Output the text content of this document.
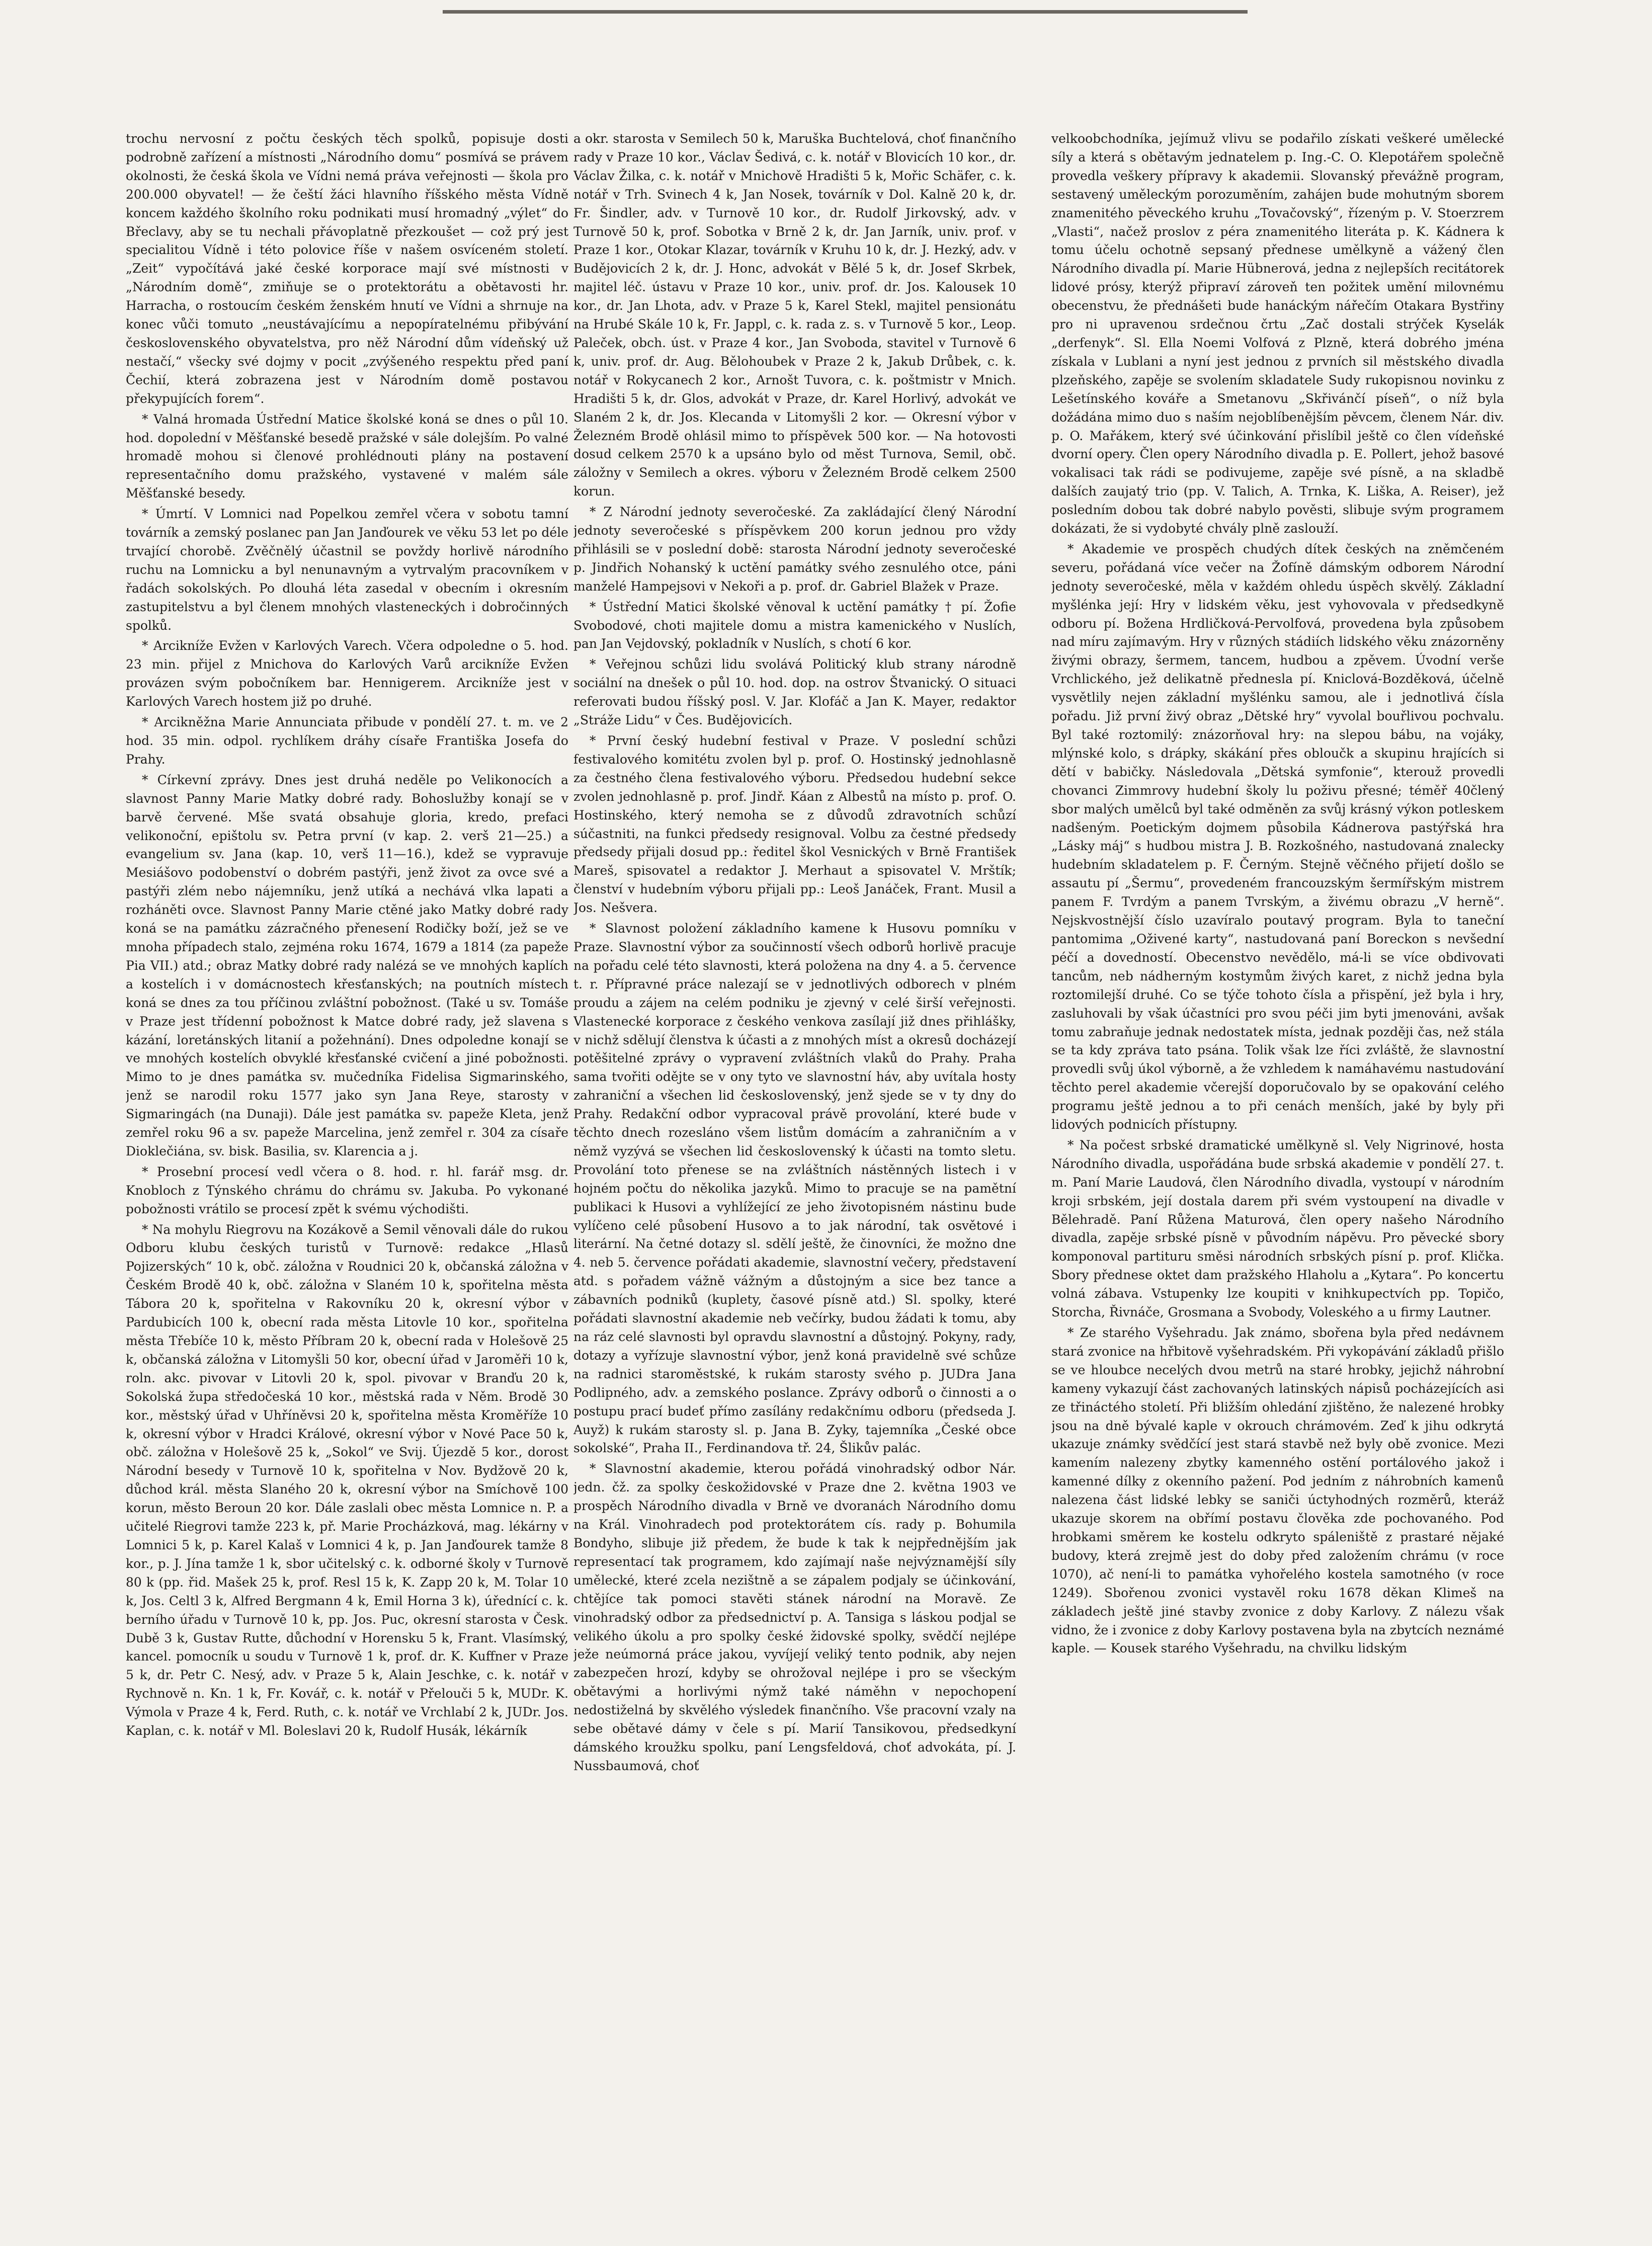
trochu nervosní z počtu českých těch spolků, popisuje dosti podrobně zařízení a místnosti „Národního domu“ posmívá se právem okolnosti, že česká škola ve Vídni nemá práva veřejnosti — škola pro 200.000 obyvatel! — že čeští žáci hlavního říšského města Vídně koncem každého školního roku podnikati musí hromadný „výlet“ do Břeclavy, aby se tu nechali přávoplatně přezkoušet — což prý jest specialitou Vídně i této polovice říše v našem osvíceném století. „Zeit“ vypočítává jaké české korporace mají své místnosti v „Národním domě“, zmiňuje se o protektorátu a obětavosti hr. Harracha, o rostoucím českém ženském hnutí ve Vídni a shrnuje na konec vůči tomuto „neustávajícímu a nepopíratelnému přibývání československého obyvatelstva, pro něž Národní dům vídeňský už nestačí,“ všecky své dojmy v pocit „zvýšeného respektu před paní Čechií, která zobrazena jest v Národním domě postavou překypujících forem“.

* Valná hromada Ústřední Matice školské koná se dnes o půl 10. hod. dopolední v Měšťanské besedě pražské v sále dolejším. Po valné hromadě mohou si členové prohlédnouti plány na postavení representačního domu pražského, vystavené v malém sále Měšťanské besedy.

* Úmrtí. V Lomnici nad Popelkou zemřel včera v sobotu tamní továrník a zemský poslanec pan Jan Janďourek ve věku 53 let po déle trvající chorobě. Zvěčnělý účastnil se povždy horlivě národního ruchu na Lomnicku a byl nenunavným a vytrvalým pracovníkem v řadách sokolských. Po dlouhá léta zasedal v obecním i okresním zastupitelstvu a byl členem mnohých vlasteneckých i dobročinných spolků.

* Arcikníže Evžen v Karlových Varech. Včera odpoledne o 5. hod. 23 min. přijel z Mnichova do Karlových Varů arcikníže Evžen provázen svým pobočníkem bar. Hennigerem. Arcikníže jest v Karlových Varech hostem již po druhé.

* Arcikněžna Marie Annunciata přibude v pondělí 27. t. m. ve 2 hod. 35 min. odpol. rychlíkem dráhy císaře Františka Josefa do Prahy.

* Církevní zprávy. Dnes jest druhá neděle po Velikonocích a slavnost Panny Marie Matky dobré rady. Bohoslužby konají se v barvě červené. Mše svatá obsahuje gloria, kredo, prefaci velikonoční, epištolu sv. Petra první (v kap. 2. verš 21—25.) a evangelium sv. Jana (kap. 10, verš 11—16.), kdež se vypravuje Mesiášovo podobenství o dobrém pastýři, jenž život za ovce své a pastýři zlém nebo nájemníku, jenž utíká a nechává vlka lapati a rozháněti ovce. Slavnost Panny Marie ctěné jako Matky dobré rady koná se na památku zázračného přenesení Rodičky boží, jež se ve mnoha případech stalo, zejména roku 1674, 1679 a 1814 (za papeže Pia VII.) atd.; obraz Matky dobré rady nalézá se ve mnohých kaplích a kostelích i v domácnostech křesťanských; na poutních místech koná se dnes za tou příčinou zvláštní pobožnost. (Také u sv. Tomáše v Praze jest třídenní pobožnost k Matce dobré rady, jež slavena s kázání, loretánských litanií a požehnání). Dnes odpoledne konají se ve mnohých kostelích obvyklé křesťanské cvičení a jiné pobožnosti. Mimo to je dnes památka sv. mučedníka Fidelisa Sigmarinského, jenž se narodil roku 1577 jako syn Jana Reye, starosty v Sigmaringách (na Dunaji). Dále jest památka sv. papeže Kleta, jenž zemřel roku 96 a sv. papeže Marcelina, jenž zemřel r. 304 za císaře Dioklečiána, sv. bisk. Basilia, sv. Klarencia a j.

* Prosební procesí vedl včera o 8. hod. r. hl. farář msg. dr. Knobloch z Týnského chrámu do chrámu sv. Jakuba. Po vykonané pobožnosti vrátilo se procesí zpět k svému východišti.

* Na mohylu Riegrovu na Kozákově a Semil věnovali dále do rukou Odboru klubu českých turistů v Turnově: redakce „Hlasů Pojizerských“ 10 k, obč. záložna v Roudnici 20 k, občanská záložna v Českém Brodě 40 k, obč. záložna v Slaném 10 k, spořitelna města Tábora 20 k, spořitelna v Rakovníku 20 k, okresní výbor v Pardubicích 100 k, obecní rada města Litovle 10 kor., spořitelna města Třebíče 10 k, město Příbram 20 k, obecní rada v Holešově 25 k, občanská záložna v Litomyšli 50 kor, obecní úřad v Jaroměři 10 k, roln. akc. pivovar v Litovli 20 k, spol. pivovar v Branďu 20 k, Sokolská župa středočeská 10 kor., městská rada v Něm. Brodě 30 kor., městský úřad v Uhříněvsi 20 k, spořitelna města Kroměříže 10 k, okresní výbor v Hradci Králové, okresní výbor v Nové Pace 50 k, obč. záložna v Holešově 25 k, „Sokol“ ve Svij. Újezdě 5 kor., dorost Národní besedy v Turnově 10 k, spořitelna v Nov. Bydžově 20 k, důchod král. města Slaného 20 k, okresní výbor na Smíchově 100 korun, město Beroun 20 kor. Dále zaslali obec města Lomnice n. P. a učitelé Riegrovi tamže 223 k, př. Marie Procházková, mag. lékárny v Lomnici 5 k, p. Karel Kalaš v Lomnici 4 k, p. Jan Janďourek tamže 8 kor., p. J. Jína tamže 1 k, sbor učitelský c. k. odborné školy v Turnově 80 k (pp. řid. Mašek 25 k, prof. Resl 15 k, K. Zapp 20 k, M. Tolar 10 k, Jos. Celtl 3 k, Alfred Bergmann 4 k, Emil Horna 3 k), úřednící c. k. berního úřadu v Turnově 10 k, pp. Jos. Puc, okresní starosta v Česk. Dubě 3 k, Gustav Rutte, důchodní v Horensku 5 k, Frant. Vlasímský, kancel. pomocník u soudu v Turnově 1 k, prof. dr. K. Kuffner v Praze 5 k, dr. Petr C. Nesý, adv. v Praze 5 k, Alain Jeschke, c. k. notář v Rychnově n. Kn. 1 k, Fr. Kovář, c. k. notář v Přelouči 5 k, MUDr. K. Výmola v Praze 4 k, Ferd. Ruth, c. k. notář ve Vrchlabí 2 k, JUDr. Jos. Kaplan, c. k. notář v Ml. Boleslavi 20 k, Rudolf Husák, lékárník

a okr. starosta v Semilech 50 k, Maruška Buchtelová, choť finančního rady v Praze 10 kor., Václav Šedivá, c. k. notář v Blovicích 10 kor., dr. Václav Žilka, c. k. notář v Mnichově Hradišti 5 k, Mořic Schäfer, c. k. notář v Trh. Svinech 4 k, Jan Nosek, továrník v Dol. Kalně 20 k, dr. Fr. Šindler, adv. v Turnově 10 kor., dr. Rudolf Jirkovský, adv. v Turnově 50 k, prof. Sobotka v Brně 2 k, dr. Jan Jarník, univ. prof. v Praze 1 kor., Otokar Klazar, továrník v Kruhu 10 k, dr. J. Hezký, adv. v Budějovicích 2 k, dr. J. Honc, advokát v Bělé 5 k, dr. Josef Skrbek, majitel léč. ústavu v Praze 10 kor., univ. prof. dr. Jos. Kalousek 10 kor., dr. Jan Lhota, adv. v Praze 5 k, Karel Stekl, majitel pensionátu na Hrubé Skále 10 k, Fr. Jappl, c. k. rada z. s. v Turnově 5 kor., Leop. Paleček, obch. úst. v Praze 4 kor., Jan Svoboda, stavitel v Turnově 6 k, univ. prof. dr. Aug. Bělohoubek v Praze 2 k, Jakub Drůbek, c. k. notář v Rokycanech 2 kor., Arnošt Tuvora, c. k. poštmistr v Mnich. Hradišti 5 k, dr. Glos, advokát v Praze, dr. Karel Horlivý, advokát ve Slaném 2 k, dr. Jos. Klecanda v Litomyšli 2 kor. — Okresní výbor v Železném Brodě ohlásil mimo to příspěvek 500 kor. — Na hotovosti dosud celkem 2570 k a upsáno bylo od měst Turnova, Semil, obč. záložny v Semilech a okres. výboru v Železném Brodě celkem 2500 korun.

* Z Národní jednoty severočeské. Za zakládající člený Národní jednoty severočeské s příspěvkem 200 korun jednou pro vždy přihlásili se v poslední době: starosta Národní jednoty severočeské p. Jindřich Nohanský k uctění památky svého zesnulého otce, páni manželé Hampejsovi v Nekoři a p. prof. dr. Gabriel Blažek v Praze.

* Ústřední Matici školské věnoval k uctění památky † pí. Žofie Svobodové, choti majitele domu a mistra kamenického v Nuslích, pan Jan Vejdovský, pokladník v Nuslích, s chotí 6 kor.

* Veřejnou schůzi lidu svolává Politický klub strany národně sociální na dnešek o půl 10. hod. dop. na ostrov Štvanický. O situaci referovati budou říšský posl. V. Jar. Klofáč a Jan K. Mayer, redaktor „Stráže Lidu“ v Čes. Budějovicích.

* První český hudební festival v Praze. V poslední schůzi festivalového komitétu zvolen byl p. prof. O. Hostinský jednohlasně za čestného člena festivalového výboru. Předsedou hudební sekce zvolen jednohlasně p. prof. Jindř. Káan z Albestů na místo p. prof. O. Hostinského, který nemoha se z důvodů zdravotních schůzí súčastniti, na funkci předsedy resignoval. Volbu za čestné předsedy předsedy přijali dosud pp.: ředitel škol Vesnických v Brně František Mareš, spisovatel a redaktor J. Merhaut a spisovatel V. Mrštík; členství v hudebním výboru přijali pp.: Leoš Janáček, Frant. Musil a Jos. Nešvera.

* Slavnost položení základního kamene k Husovu pomníku v Praze. Slavnostní výbor za součinností všech odborů horlivě pracuje na pořadu celé této slavnosti, která položena na dny 4. a 5. července t. r. Přípravné práce nalezají se v jednotlivých odborech v plném proudu a zájem na celém podniku je zjevný v celé širší veřejnosti. Vlastenecké korporace z českého venkova zasílají již dnes přihlášky, v nichž sdělují členstva k účasti a z mnohých míst a okresů docházejí potěšitelné zprávy o vypravení zvláštních vlaků do Prahy. Praha sama tvořiti odějte se v ony tyto ve slavnostní háv, aby uvítala hosty zahraniční a všechen lid československý, jenž sjede se v ty dny do Prahy. Redakční odbor vypracoval právě provolání, které bude v těchto dnech rozesláno všem listům domácím a zahraničním a v němž vyzývá se všechen lid československý k účasti na tomto sletu. Provolání toto přenese se na zvláštních nástěnných listech i v hojném počtu do několika jazyků. Mimo to pracuje se na pamětní publikaci k Husovi a vyhlížející ze jeho životopisném nástinu bude vylíčeno celé působení Husovo a to jak národní, tak osvětové i literární. Na četné dotazy sl. sdělí ještě, že činovníci, že možno dne 4. neb 5. července pořádati akademie, slavnostní večery, představení atd. s pořadem vážně vážným a důstojným a sice bez tance a zábavních podniků (kuplety, časové písně atd.) Sl. spolky, které pořádati slavnostní akademie neb večírky, budou žádati k tomu, aby na ráz celé slavnosti byl opravdu slavnostní a důstojný. Pokyny, rady, dotazy a vyřízuje slavnostní výbor, jenž koná pravidelně své schůze na radnici staroměstské, k rukám starosty svého p. JUDra Jana Podlipného, adv. a zemského poslance. Zprávy odborů o činnosti a o postupu prací budeť přímo zasílány redakčnímu odboru (předseda J. Auyž) k rukám starosty sl. p. Jana B. Zyky, tajemníka „České obce sokolské“, Praha II., Ferdinandova tř. 24, Šlikův palác.

* Slavnostní akademie, kterou pořádá vinohradský odbor Nár. jedn. čž. za spolky českožidovské v Praze dne 2. května 1903 ve prospěch Národního divadla v Brně ve dvoranách Národního domu na Král. Vinohradech pod protektorátem cís. rady p. Bohumila Bondyho, slibuje již předem, že bude k tak k nejpřednějším jak representací tak programem, kdo zajímají naše nejvýznamější síly umělecké, které zcela nezištně a se zápalem podjaly se účinkování, chtějíce tak pomoci stavěti stánek národní na Moravě. Ze vinohradský odbor za předsednictví p. A. Tansiga s láskou podjal se velikého úkolu a pro spolky české židovské spolky, svědčí nejlépe ježe neúmorná práce jakou, vyvíjejí veliký tento podnik, aby nejen zabezpečen hrozí, kdyby se ohrožoval nejlépe i pro se všeckým obětavými a horlivými nýmž také náměhn v nepochopení nedostiželná by skvělého výsledek finančního. Vše pracovní vzaly na sebe obětavé dámy v čele s pí. Marií Tansikovou, předsedkyní dámského kroužku spolku, paní Lengsfeldová, choť advokáta, pí. J. Nussbaumová, choť

velkoobchodníka, jejímuž vlivu se podařilo získati veškeré umělecké síly a která s obětavým jednatelem p. Ing.-C. O. Klepotářem společně provedla veškery přípravy k akademii. Slovanský převážně program, sestavený uměleckým porozuměním, zahájen bude mohutným sborem znamenitého pěveckého kruhu „Tovačovský“, řízeným p. V. Stoerzrem „Vlasti“, načež proslov z péra znamenitého literáta p. K. Kádnera k tomu účelu ochotně sepsaný přednese umělkyně a vážený člen Národního divadla pí. Marie Hübnerová, jedna z nejlepších recitátorek lidové prósy, kterýž připraví záro​veň ten požitek umění milovnému obecenstvu, že přednášeti bude hanáckým nářečím Otakara Bystřiny pro ni upravenou srdečnou črtu „Zač dostali strýček Kyselák „derfenyk“. Sl. Ella Noemi Volfová z Plzně, která dobrého jména získala v Lublani a nyní jest jednou z prvních sil městského divadla plzeňského, zapěje se svolením skladatele Sudy rukopisnou novinku z Lešetínského kováře a Smetanovu „Skřivánčí píseň“, o níž byla dožádána mimo duo s naším nejoblíbenějším pěvcem, členem Nár. div. p. O. Mařákem, který své účinkování přislíbil ještě co člen vídeňské dvorní opery. Člen opery Národního divadla p. E. Pollert, jehož basové vokalisaci tak rádi se podivujeme, zapěje své písně, a na skladbě dalších zaujatý trio (pp. V. Talich, A. Trnka, K. Liška, A. Reiser), jež posledním dobou tak dobré nabylo pověsti, slibuje svým programem dokázati, že si vydobyté chvály plně zaslouží.

* Akademie ve prospěch chudých dítek českých na zněmčeném severu, pořádaná více večer na Žofíně dámským odborem Národní jednoty severočeské, měla v každém ohledu úspěch skvělý. Základní myšlénka její: Hry v lidském věku, jest vyhovovala v předsedkyně odboru pí. Božena Hrdličková-Pervolfová, provedena byla způsobem nad míru zajímavým. Hry v různých stádiích lidského věku znázorněny živými obrazy, šermem, tancem, hudbou a zpěvem. Úvodní verše Vrchlického, jež delikatně přednesla pí. Kniclová-Bozděková, účelně vysvětlily nejen základní myšlénku samou, ale i jednotlivá čísla pořadu. Již první živý obraz „Dětské hry“ vyvolal bouřlivou pochvalu. Byl také roztomilý: znázorňoval hry: na slepou bábu, na vojáky, mlýnské kolo, s drápky, skákání přes obloučk a skupinu hrajících si dětí v babičky. Následovala „Dětská symfonie“, kterouž provedli chovanci Zimmrovy hudební školy lu poživu přesné; téměř 40člený sbor malých umělců byl také odměněn za svůj krásný výkon potleskem nadšeným. Poetickým dojmem působila Kádnerova pastýřská hra „Lásky máj“ s hudbou mistra J. B. Rozkošného, nastudovaná znalecky hudebním skladatelem p. F. Černým. Stejně věčného přijetí došlo se assautu pí „Šermu“, provedeném francouzským šermířským mistrem panem F. Tvrdým a panem Tvrským, a živému obrazu „V herně“. Nejskvostnější číslo uzavíralo poutavý program. Byla to taneční pantomima „Oživené karty“, nastudovaná paní Boreckon s nevšední péčí a dovedností. Obecenstvo nevědělo, má-li se více obdivovati tancům, neb nádherným kostymům živých karet, z nichž jedna byla roztomilejší druhé. Co se týče tohoto čísla a přispění, jež byla i hry, zasluhovali by však účastníci pro svou péči jim byti jmenováni, avšak tomu zabraňuje jednak nedostatek místa, jednak později čas, než stála se ta kdy zpráva tato psána. Tolik však lze říci zvláště, že slavnostní provedli svůj úkol výborně, a že vzhledem k namáhavému nastudování těchto perel akademie včerejší doporučovalo by se opakování celého programu ještě jednou a to při cenách menších, jaké by byly při lidových podnicích přístupny.

* Na počest srbské dramatické umělkyně sl. Vely Nigrinové, hosta Národního divadla, uspořádána bude srbská akademie v pondělí 27. t. m. Paní Marie Laudová, člen Národního divadla, vystoupí v národním kroji srbském, její dostala darem při svém vystoupení na divadle v Bělehradě. Paní Růžena Maturová, člen opery našeho Národního divadla, zapěje srbské písně v původním nápěvu. Pro pěvecké sbory komponoval partituru směsi národních srbských písní p. prof. Klička. Sbory přednese oktet dam pražského Hlaholu a „Kytara“. Po koncertu volná zábava. Vstupenky lze koupiti v knihkupectvích pp. Topičo, Storcha, Řivnáče, Grosmana a Svobody, Voleského a u firmy Lautner.

* Ze starého Vyšehradu. Jak známo, sbořena byla před nedávnem stará zvonice na hřbitově vyšehradském. Při vykopávání základů přišlo se ve hloubce necelých dvou metrů na staré hrobky, jejichž náhrobní kameny vykazují část zachovaných latinských nápisů pocházejících asi ze třináctého století. Při bližším ohledání zjištěno, že nalezené hrobky jsou na dně bývalé kaple v okrouch chrámovém. Zeď k jihu odkrytá ukazuje známky svědčící jest stará stavbě než byly obě zvonice. Mezi kamením nalezeny zbytky kamenného ostění portálového jakož i kamenné dílky z okenního pažení. Pod jedním z náhrobních kamenů nalezena část lidské lebky se saniči úctyhodných rozměrů, kteráž ukazuje skorem na obřímí postavu člověka zde pochovaného. Pod hrobkami směrem ke kostelu odkryto spáleniště z prastaré nějaké budovy, která zrejmě jest do doby před založením chrámu (v roce 1070), ač není-li to památka vyhořelého kostela samotného (v roce 1249). Sbořenou zvonici vystavěl roku 1678 děkan Klimeš na základech ještě jiné stavby zvonice z doby Karlovy. Z nálezu však vidno, že i zvonice z doby Karlovy postavena byla na zbytcích neznámé kaple. — Kousek starého Vyšehradu, na chvilku lidským
